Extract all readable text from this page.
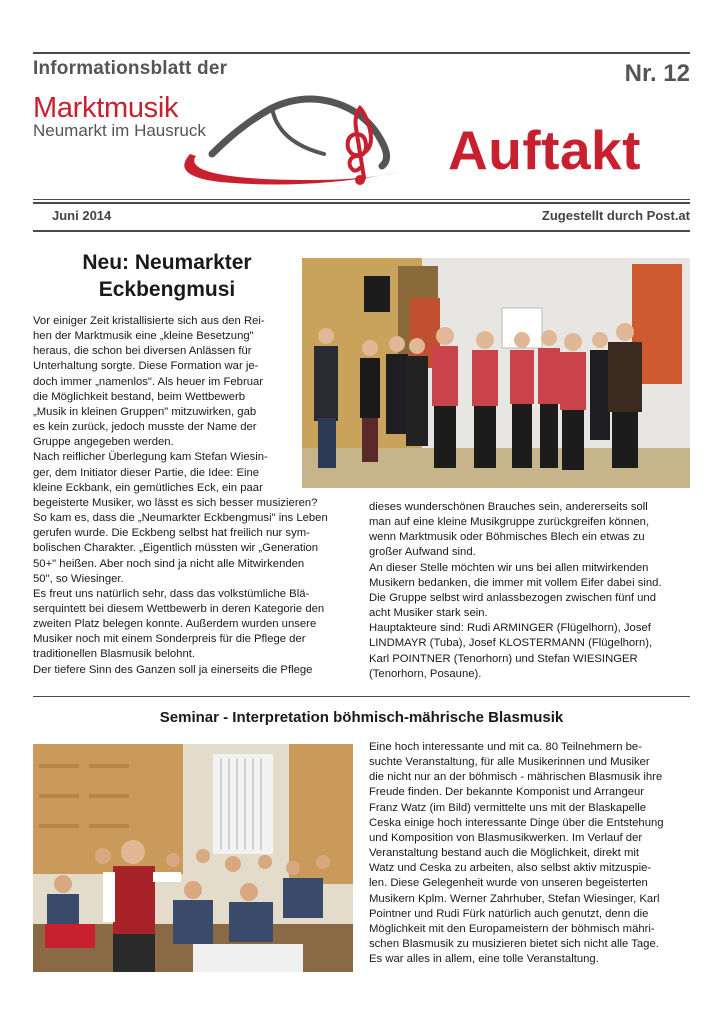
Informationsblatt der	Nr. 12
Marktmusik
Neumarkt im Hausruck	Auftakt
Juni 2014	Zugestellt durch Post.at
Neu: Neumarkter
Eckbengmusi

Vor einiger Zeit kristallisierte sich aus den Rei-

hen der Marktmusik eine „kleine Besetzung"

heraus, die schon bei diversen Anlässen für

Unterhaltung sorgte. Diese Formation war je-

doch immer „namenlos". Als heuer im Februar

die Möglichkeit bestand, beim Wettbewerb

„Musik in kleinen Gruppen" mitzuwirken, gab

es kein zurück, jedoch musste der Name der

Gruppe angegeben werden.

Nach reiflicher Überlegung kam Stefan Wiesin-

ger, dem Initiator dieser Partie, die Idee: Eine

kleine Eckbank, ein gemütliches Eck, ein paar

begeisterte Musiker, wo lässt es sich besser musizieren?

So kam es, dass die „Neumarkter Eckbengmusi" ins Leben

gerufen wurde. Die Eckbeng selbst hat freilich nur sym-

bolischen Charakter. „Eigentlich müssten wir „Generation

50+" heißen. Aber noch sind ja nicht alle Mitwirkenden

50", so Wiesinger.

Es freut uns natürlich sehr, dass das volkstümliche Blä-

serquintett bei diesem Wettbewerb in deren Kategorie den

zweiten Platz belegen konnte. Außerdem wurden unsere

Musiker noch mit einem Sonderpreis für die Pflege der

traditionellen Blasmusik belohnt.

Der tiefere Sinn des Ganzen soll ja einerseits die Pflege

dieses wunderschönen Brauches sein, andererseits soll

man auf eine kleine Musikgruppe zurückgreifen können,

wenn Marktmusik oder Böhmisches Blech ein etwas zu

großer Aufwand sind.

An dieser Stelle möchten wir uns bei allen mitwirkenden

Musikern bedanken, die immer mit vollem Eifer dabei sind.

Die Gruppe selbst wird anlassbezogen zwischen fünf und

acht Musiker stark sein.

Hauptakteure sind: Rudi ARMINGER (Flügelhorn), Josef

LINDMAYR (Tuba), Josef KLOSTERMANN (Flügelhorn),

Karl POINTNER (Tenorhorn) und Stefan WIESINGER

(Tenorhorn, Posaune).

Seminar - Interpretation böhmisch-mährische Blasmusik

Eine hoch interessante und mit ca. 80 Teilnehmern be-

suchte Veranstaltung, für alle Musikerinnen und Musiker

die nicht nur an der böhmisch - mährischen Blasmusik ihre

Freude finden. Der bekannte Komponist und Arrangeur

Franz Watz (im Bild) vermittelte uns mit der Blaskapelle

Ceska einige hoch interessante Dinge über die Entstehung

und Komposition von Blasmusikwerken. Im Verlauf der

Veranstaltung bestand auch die Möglichkeit, direkt mit

Watz und Ceska zu arbeiten, also selbst aktiv mitzuspie-

len. Diese Gelegenheit wurde von unseren begeisterten

Musikern Kplm. Werner Zahrhuber, Stefan Wiesinger, Karl

Pointner und Rudi Fürk natürlich auch genutzt, denn die

Möglichkeit mit den Europameistern der böhmisch mähri-

schen Blasmusik zu musizieren bietet sich nicht alle Tage.

Es war alles in allem, eine tolle Veranstaltung.
